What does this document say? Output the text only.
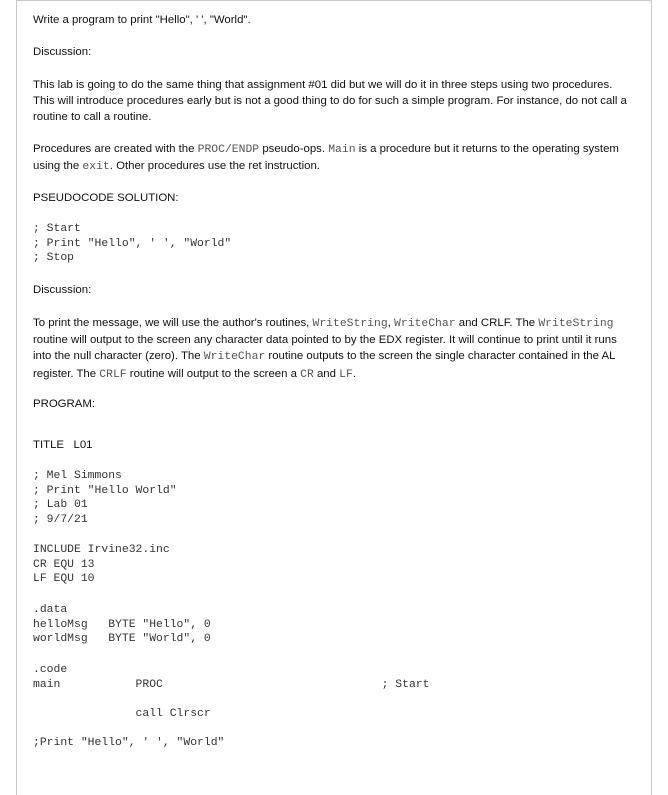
Write a program to print "Hello", ' ', "World".

Discussion:

This lab is going to do the same thing that assignment #01 did but we will do it in three steps using two procedures. This will introduce procedures early but is not a good thing to do for such a simple program. For instance, do not call a routine to call a routine.

Procedures are created with the PROC/ENDP pseudo-ops. Main is a procedure but it returns to the operating system using the exit. Other procedures use the ret instruction.

PSEUDOCODE SOLUTION:

; Start
; Print "Hello", ' ', "World"
; Stop

Discussion:

To print the message, we will use the author's routines, WriteString, WriteChar and CRLF. The WriteString routine will output to the screen any character data pointed to by the EDX register. It will continue to print until it runs into the null character (zero). The WriteChar routine outputs to the screen the single character contained in the AL register. The CRLF routine will output to the screen a CR and LF.

PROGRAM:

TITLE   L01

; Mel Simmons
; Print "Hello World"
; Lab 01
; 9/7/21
INCLUDE Irvine32.inc
CR EQU 13
LF EQU 10
.data
helloMsg   BYTE "Hello", 0
worldMsg   BYTE "World", 0
.code
main           PROC                                ; Start
call Clrscr
;Print "Hello", ' ', "World"
